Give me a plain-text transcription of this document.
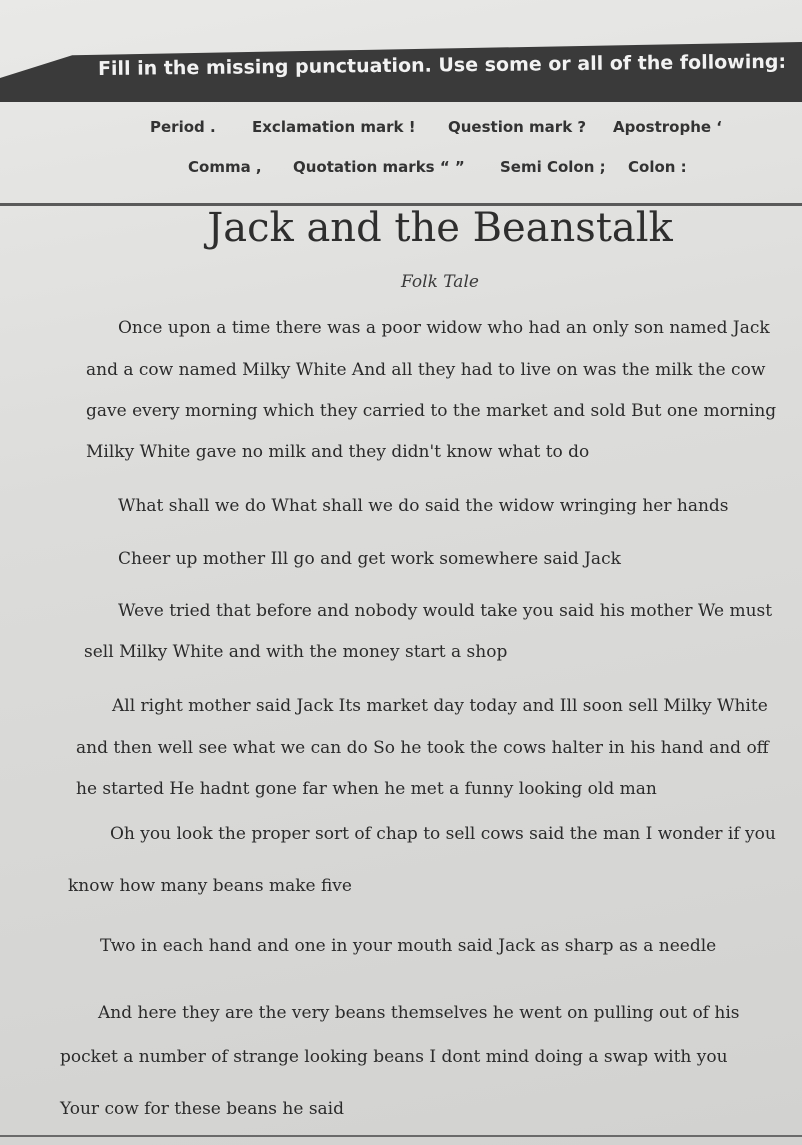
Fill in the missing punctuation. Use some or all of the following:
Period . Exclamation mark ! Question mark ? Apostrophe ‘
Comma , Quotation marks “ ” Semi Colon ; Colon :
Jack and the Beanstalk
Folk Tale
Once upon a time there was a poor widow who had an only son named Jack
and a cow named Milky White And all they had to live on was the milk the cow
gave every morning which they carried to the market and sold But one morning
Milky White gave no milk and they didn't know what to do
What shall we do What shall we do said the widow wringing her hands
Cheer up mother Ill go and get work somewhere said Jack
Weve tried that before and nobody would take you said his mother We must
sell Milky White and with the money start a shop
All right mother said Jack Its market day today and Ill soon sell Milky White
and then well see what we can do So he took the cows halter in his hand and off
he started He hadnt gone far when he met a funny looking old man
Oh you look the proper sort of chap to sell cows said the man I wonder if you
know how many beans make five
Two in each hand and one in your mouth said Jack as sharp as a needle
And here they are the very beans themselves he went on pulling out of his
pocket a number of strange looking beans I dont mind doing a swap with you
Your cow for these beans he said
